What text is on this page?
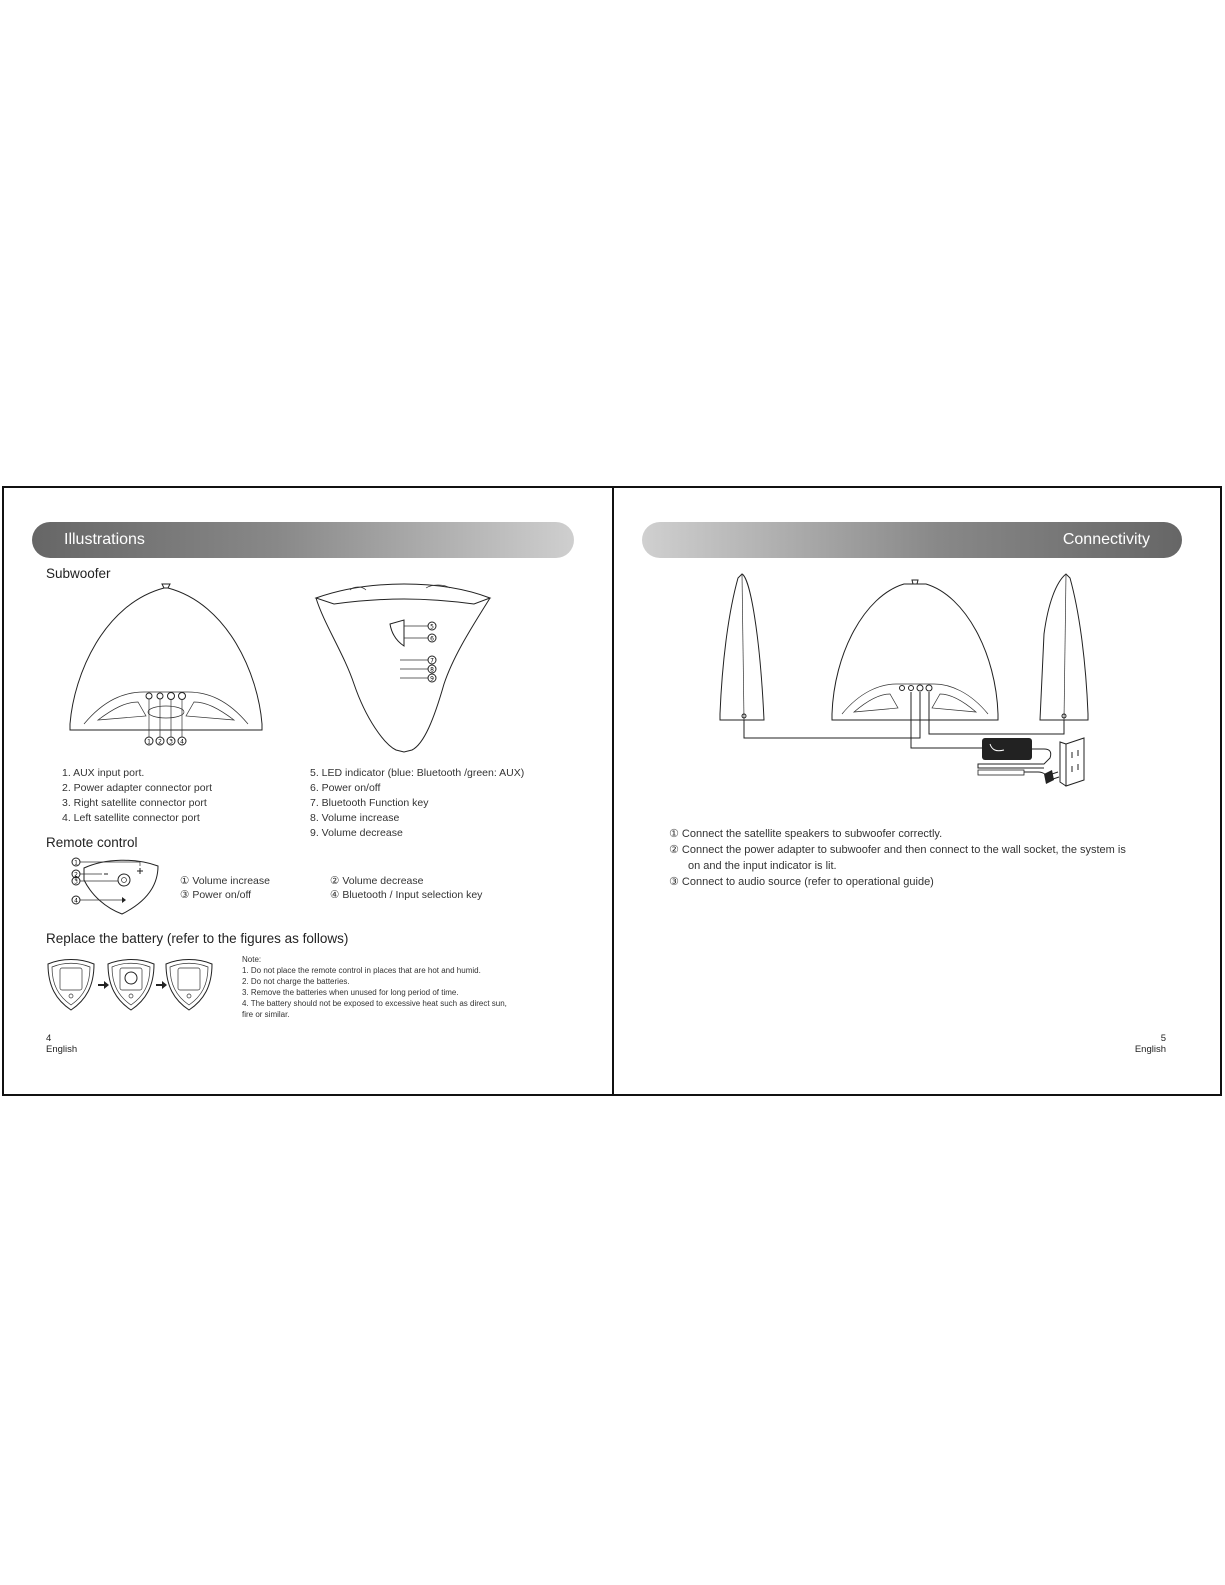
Illustrations
Subwoofer
1 2 3 4
5
6
7
8
9
1. AUX input port.
2. Power adapter connector port
3. Right satellite connector port
4. Left satellite connector port
5. LED indicator (blue: Bluetooth /green: AUX)
6. Power on/off
7. Bluetooth Function key
8. Volume increase
9. Volume decrease
Remote control
1
2
3
4
① Volume increase	② Volume decrease
③ Power on/off	④ Bluetooth / Input selection key
Replace the battery (refer to the figures as follows)
Note:
1. Do not place the remote control in places that are hot and humid.
2. Do not charge the batteries.
3. Remove the batteries when unused for long period of time.
4. The battery should not be exposed to excessive heat such as direct sun,
fire or similar.
4
English
Connectivity
① Connect the satellite speakers to subwoofer correctly.
② Connect the power adapter to subwoofer and then connect to the wall socket, the system is
on and the input indicator is lit.
③ Connect to audio source (refer to operational guide)
5
English
